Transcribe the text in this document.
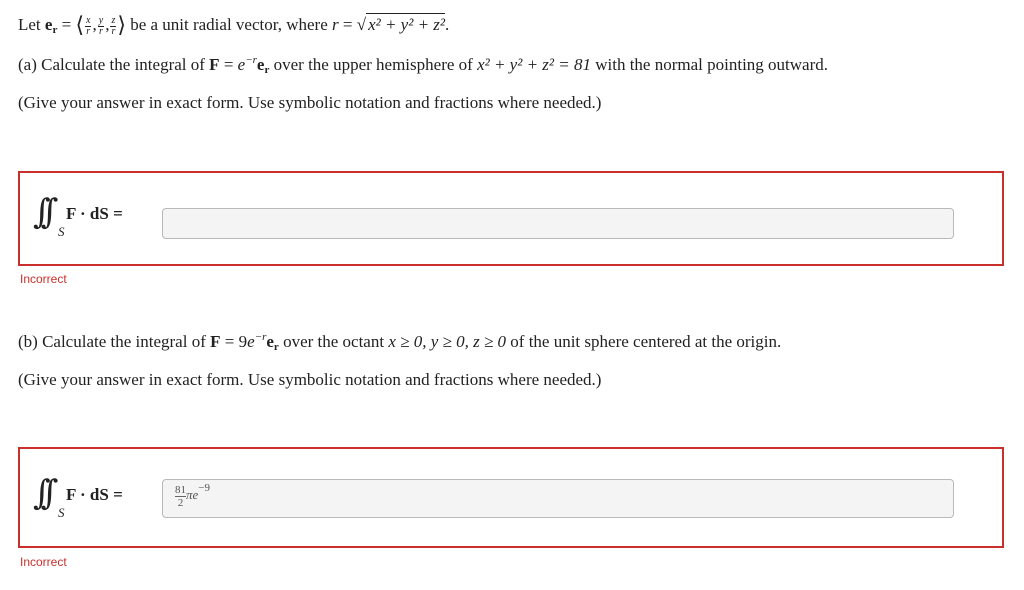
Let $e_r$ = ⟨ $\frac{x}{r}$ , $\frac{y}{r}$ , $\frac{z}{r}$ ⟩ be a unit radial vector, where r = √ x² + y² + z².
(a) Calculate the integral of $F = e^{-r}e_r$ over the upper hemisphere of x² + y² + z² = 81 with the normal pointing outward.
(Give your answer in exact form. Use symbolic notation and fractions where needed.)
∫∫ S
F · dS =
Incorrect
(b) Calculate the integral of $F = 9e^{-r}e_r$ over the octant x ≥ 0, y ≥ 0, z ≥ 0 of the unit sphere centered at the origin.
(Give your answer in exact form. Use symbolic notation and fractions where needed.)
∫∫ S
F · dS =	$\frac{81}{2} \pi e^{-9}$
Incorrect
